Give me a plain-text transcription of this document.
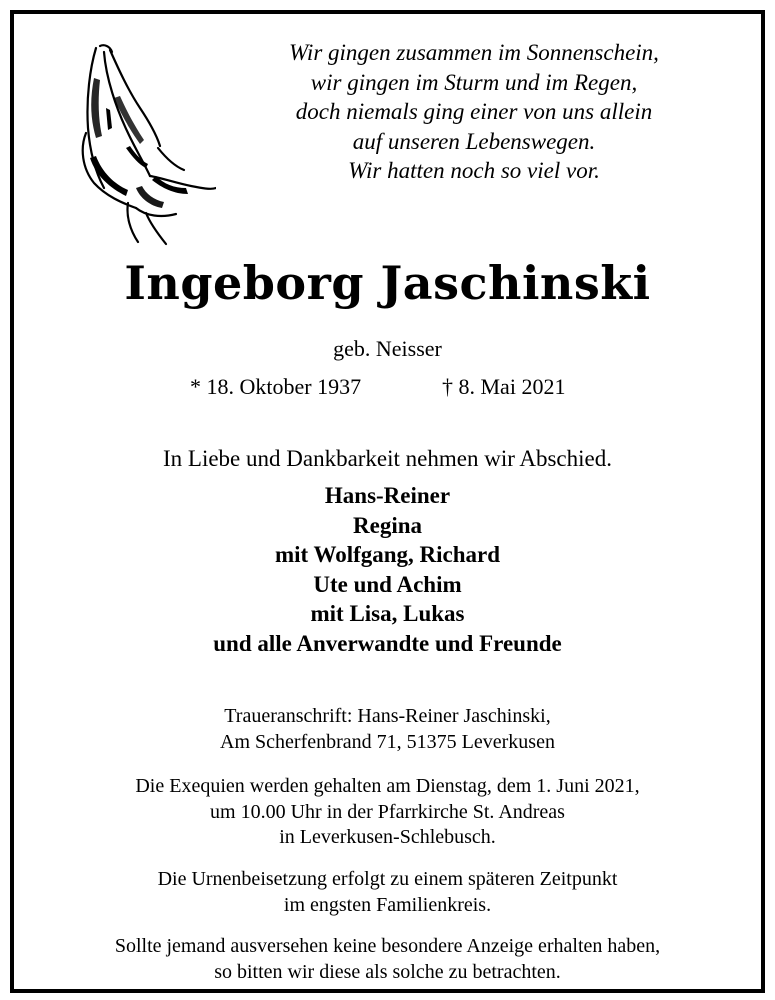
Wir gingen zusammen im Sonnenschein,
wir gingen im Sturm und im Regen,
doch niemals ging einer von uns allein
auf unseren Lebenswegen.
Wir hatten noch so viel vor.
Ingeborg Jaschinski
geb. Neisser
* 18. Oktober 1937	† 8. Mai 2021
In Liebe und Dankbarkeit nehmen wir Abschied.
Hans-Reiner
Regina
mit Wolfgang, Richard
Ute und Achim
mit Lisa, Lukas
und alle Anverwandte und Freunde
Traueranschrift: Hans-Reiner Jaschinski,
Am Scherfenbrand 71, 51375 Leverkusen
Die Exequien werden gehalten am Dienstag, dem 1. Juni 2021,
um 10.00 Uhr in der Pfarrkirche St. Andreas
in Leverkusen-Schlebusch.
Die Urnenbeisetzung erfolgt zu einem späteren Zeitpunkt
im engsten Familienkreis.
Sollte jemand ausversehen keine besondere Anzeige erhalten haben,
so bitten wir diese als solche zu betrachten.
